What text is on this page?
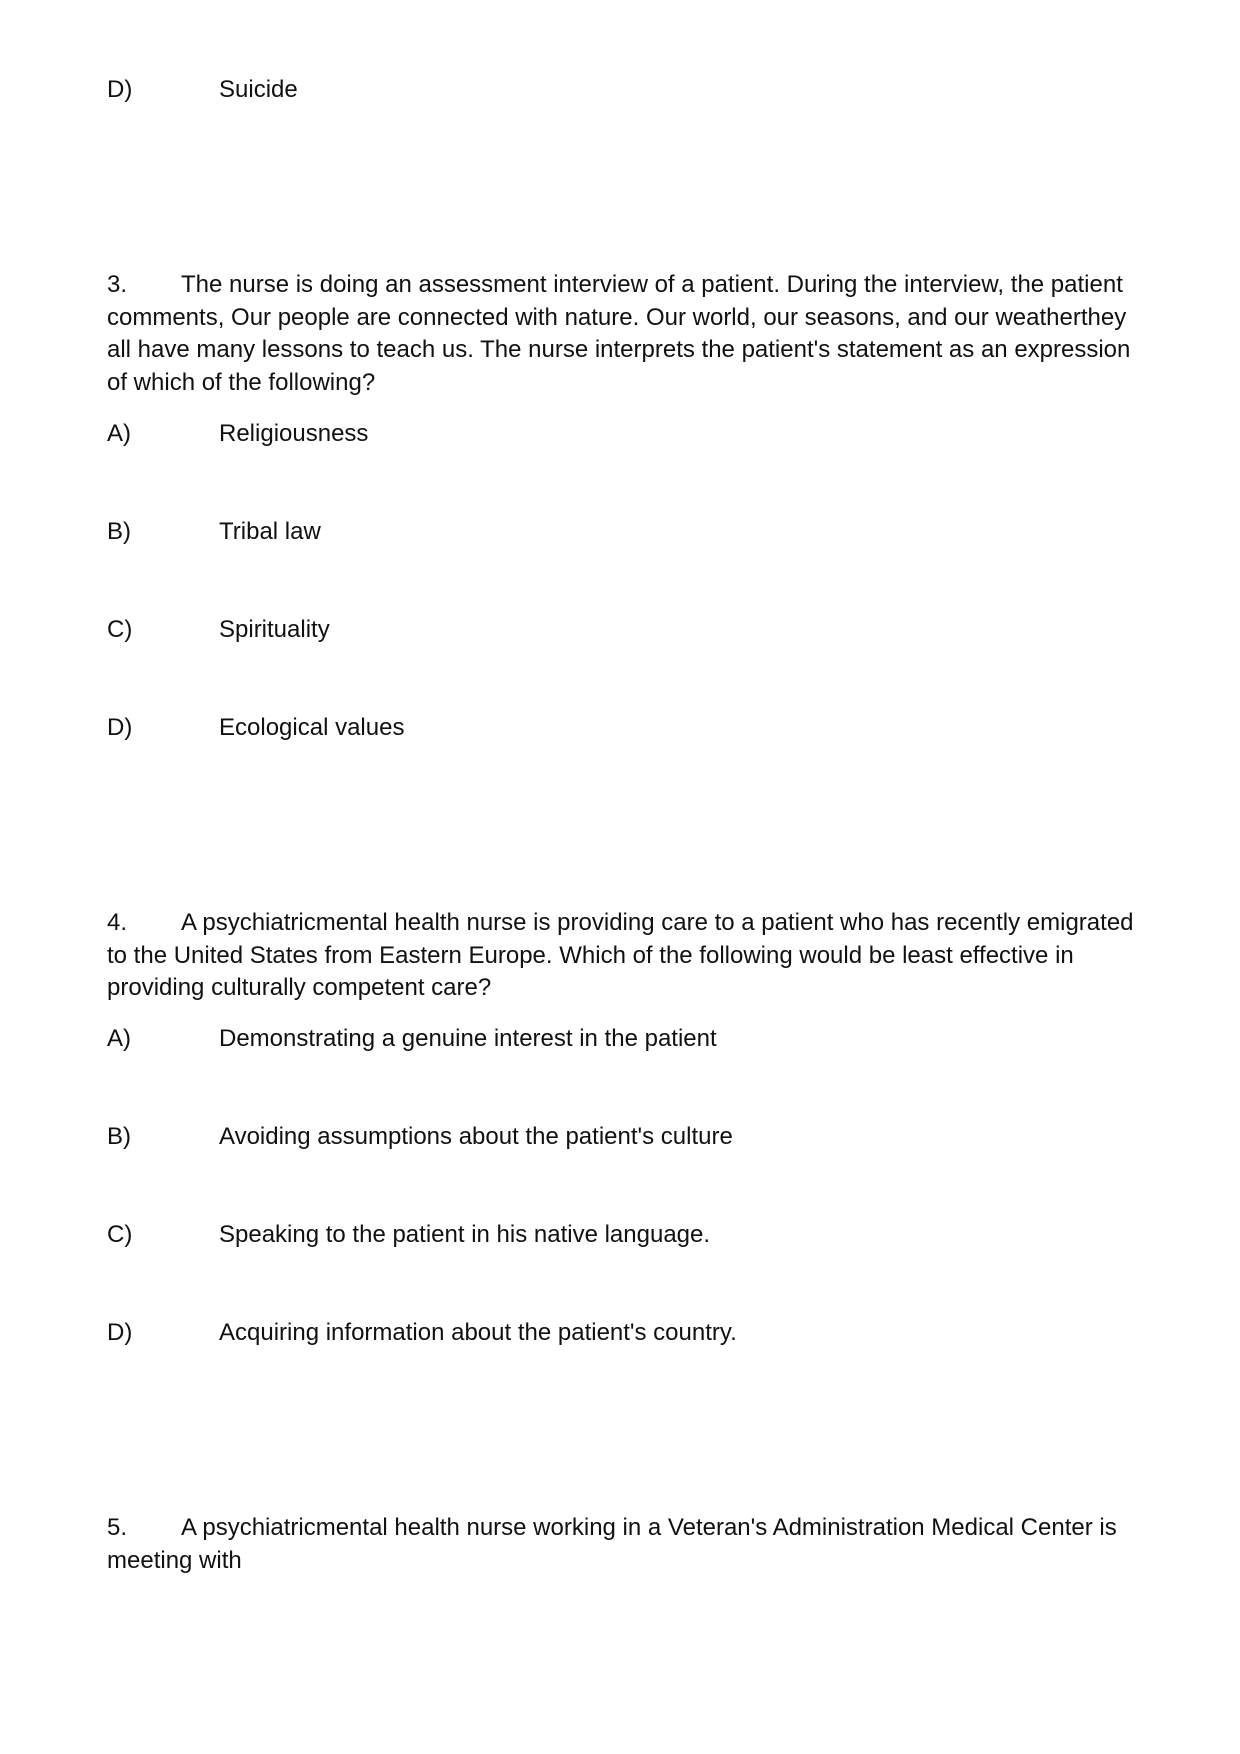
D)	Suicide
3. The nurse is doing an assessment interview of a patient. During the interview, the patient comments, Our people are connected with nature. Our world, our seasons, and our weatherthey all have many lessons to teach us. The nurse interprets the patient's statement as an expression of which of the following?
A)	Religiousness
B)	Tribal law
C)	Spirituality
D)	Ecological values
4. A psychiatricmental health nurse is providing care to a patient who has recently emigrated to the United States from Eastern Europe. Which of the following would be least effective in providing culturally competent care?
A)	Demonstrating a genuine interest in the patient
B)	Avoiding assumptions about the patient's culture
C)	Speaking to the patient in his native language.
D)	Acquiring information about the patient's country.
5. A psychiatricmental health nurse working in a Veteran's Administration Medical Center is meeting with
